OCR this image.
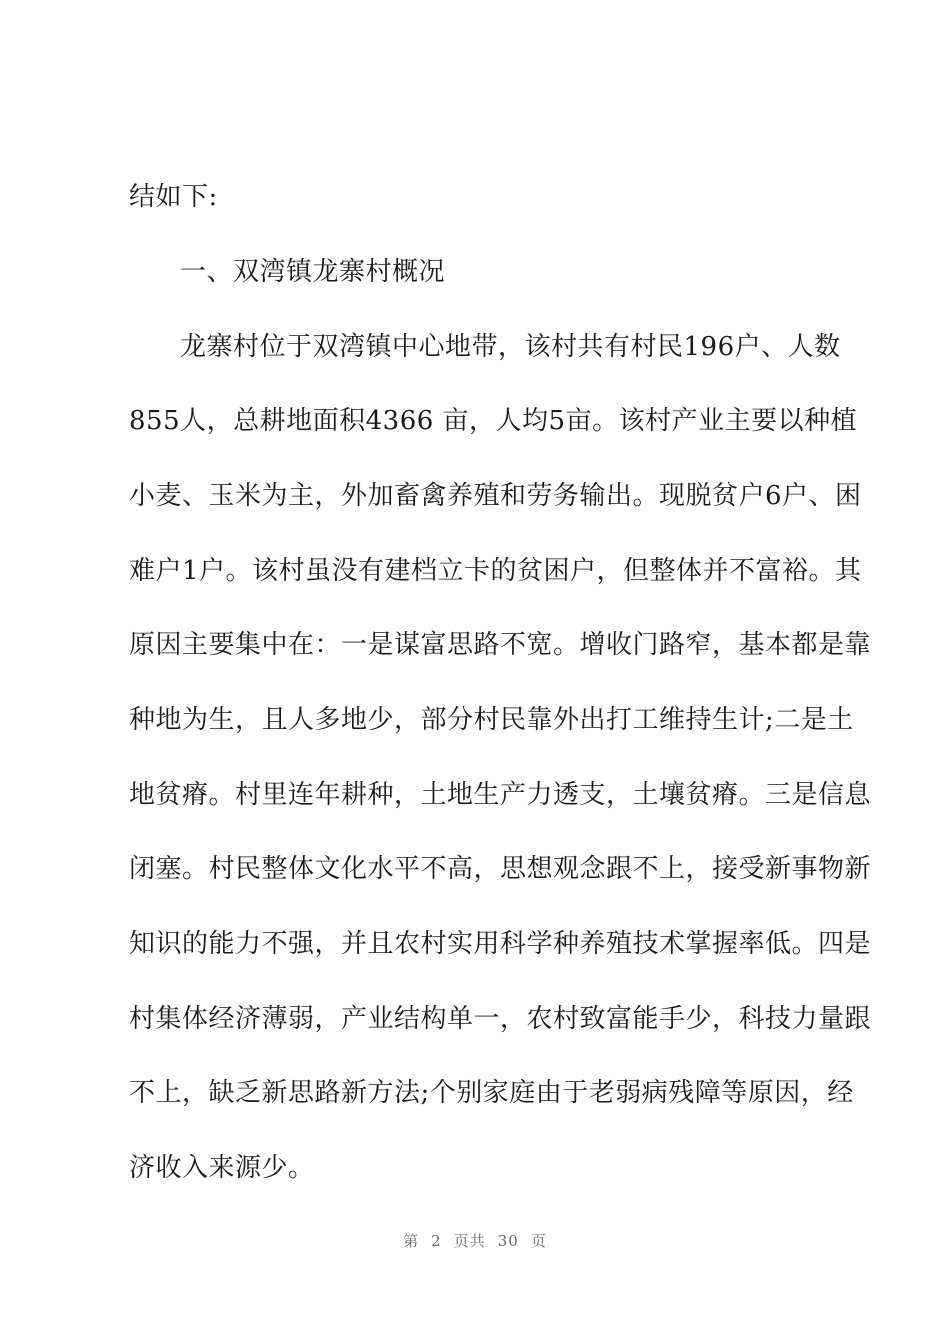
结如下:
一、双湾镇龙寨村概况
龙寨村位于双湾镇中心地带，该村共有村民196户、人数
855人，总耕地面积4366 亩，人均5亩。该村产业主要以种植
小麦、玉米为主，外加畜禽养殖和劳务输出。现脱贫户6户、困
难户1户。该村虽没有建档立卡的贫困户，但整体并不富裕。其
原因主要集中在：一是谋富思路不宽。增收门路窄，基本都是靠
种地为生，且人多地少，部分村民靠外出打工维持生计;二是土
地贫瘠。村里连年耕种，土地生产力透支，土壤贫瘠。三是信息
闭塞。村民整体文化水平不高，思想观念跟不上，接受新事物新
知识的能力不强，并且农村实用科学种养殖技术掌握率低。四是
村集体经济薄弱，产业结构单一，农村致富能手少，科技力量跟
不上，缺乏新思路新方法;个别家庭由于老弱病残障等原因，经
济收入来源少。
第 2 页共 30 页
